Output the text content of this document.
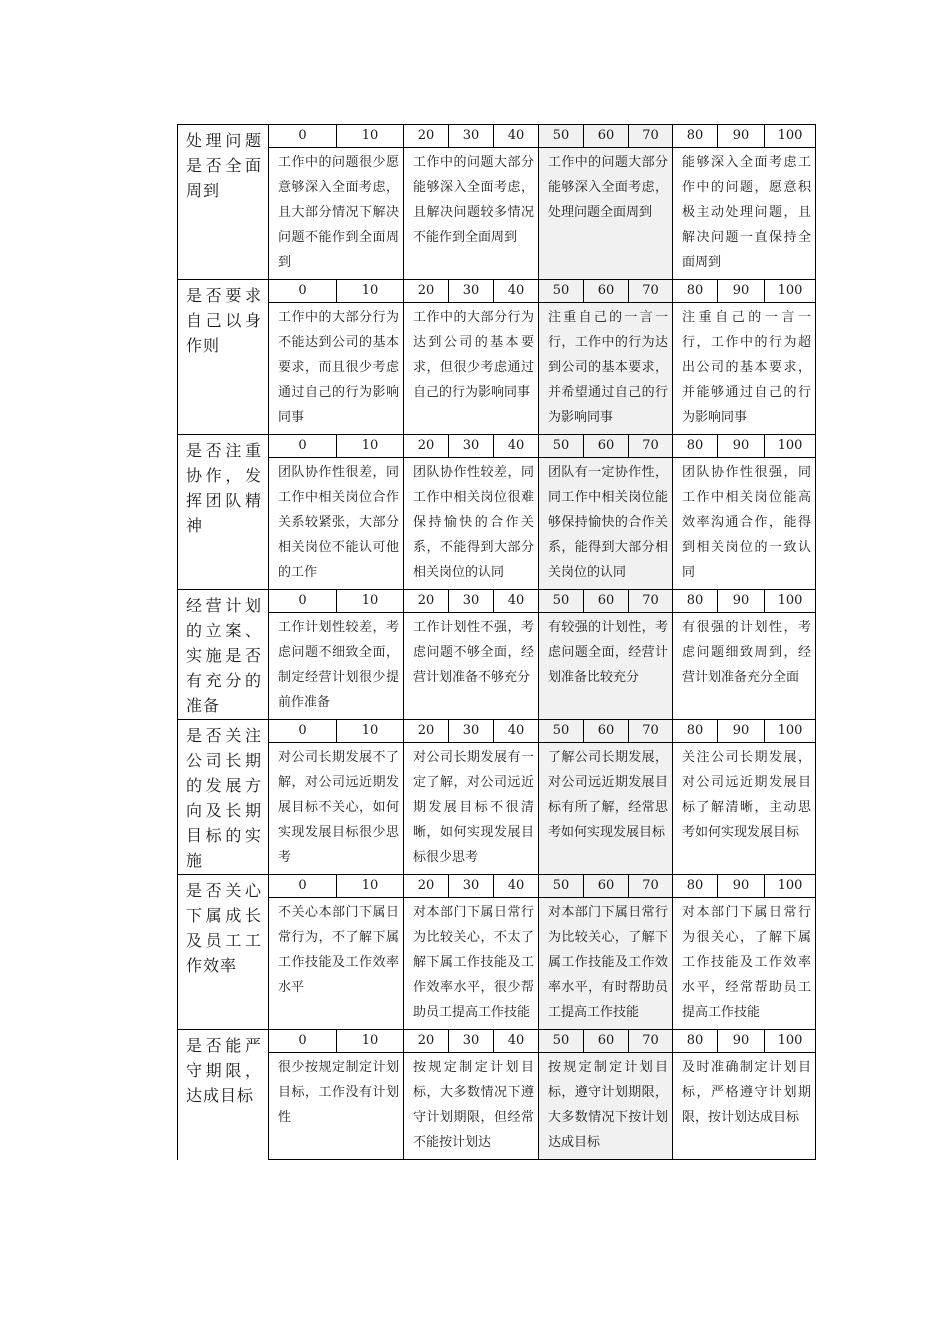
处理问题是否全面周到	0	10	20	30	40	50	60	70	80	90	100

	工作中的问题很少愿意够深入全面考虑，且大部分情况下解决问题不能作到全面周到		工作中的问题大部分能够深入全面考虑，且解决问题较多情况不能作到全面周到			工作中的问题大部分能够深入全面考虑，处理问题全面周到			能够深入全面考虑工作中的问题，愿意积极主动处理问题，且解决问题一直保持全面周到		

是否要求自己以身作则	0	10	20	30	40	50	60	70	80	90	100

	工作中的大部分行为不能达到公司的基本要求，而且很少考虑通过自己的行为影响同事		工作中的大部分行为达到公司的基本要求，但很少考虑通过自己的行为影响同事			注重自己的一言一行，工作中的行为达到公司的基本要求，并希望通过自己的行为影响同事			注重自己的一言一行，工作中的行为超出公司的基本要求，并能够通过自己的行为影响同事		

是否注重协作，发挥团队精神	0	10	20	30	40	50	60	70	80	90	100

	团队协作性很差，同工作中相关岗位合作关系较紧张，大部分相关岗位不能认可他的工作		团队协作性较差，同工作中相关岗位很难保持愉快的合作关系，不能得到大部分相关岗位的认同			团队有一定协作性，同工作中相关岗位能够保持愉快的合作关系，能得到大部分相关岗位的认同			团队协作性很强，同工作中相关岗位能高效率沟通合作，能得到相关岗位的一致认同		

经营计划的立案、实施是否有充分的准备	0	10	20	30	40	50	60	70	80	90	100

	工作计划性较差，考虑问题不细致全面，制定经营计划很少提前作准备		工作计划性不强，考虑问题不够全面，经营计划准备不够充分			有较强的计划性，考虑问题全面，经营计划准备比较充分			有很强的计划性，考虑问题细致周到，经营计划准备充分全面		

是否关注公司长期的发展方向及长期目标的实施	0	10	20	30	40	50	60	70	80	90	100

	对公司长期发展不了解，对公司远近期发展目标不关心，如何实现发展目标很少思考		对公司长期发展有一定了解，对公司远近期发展目标不很清晰，如何实现发展目标很少思考			了解公司长期发展，对公司远近期发展目标有所了解，经常思考如何实现发展目标			关注公司长期发展，对公司远近期发展目标了解清晰，主动思考如何实现发展目标		

是否关心下属成长及员工工作效率	0	10	20	30	40	50	60	70	80	90	100

	不关心本部门下属日常行为，不了解下属工作技能及工作效率水平		对本部门下属日常行为比较关心，不太了解下属工作技能及工作效率水平，很少帮助员工提高工作技能			对本部门下属日常行为比较关心，了解下属工作技能及工作效率水平，有时帮助员工提高工作技能			对本部门下属日常行为很关心，了解下属工作技能及工作效率水平，经常帮助员工提高工作技能		

是否能严守期限，达成目标	0	10	20	30	40	50	60	70	80	90	100

	很少按规定制定计划目标，工作没有计划性		按规定制定计划目标，大多数情况下遵守计划期限，但经常不能按计划达			按规定制定计划目标，遵守计划期限，大多数情况下按计划达成目标			及时准确制定计划目标，严格遵守计划期限，按计划达成目标		
